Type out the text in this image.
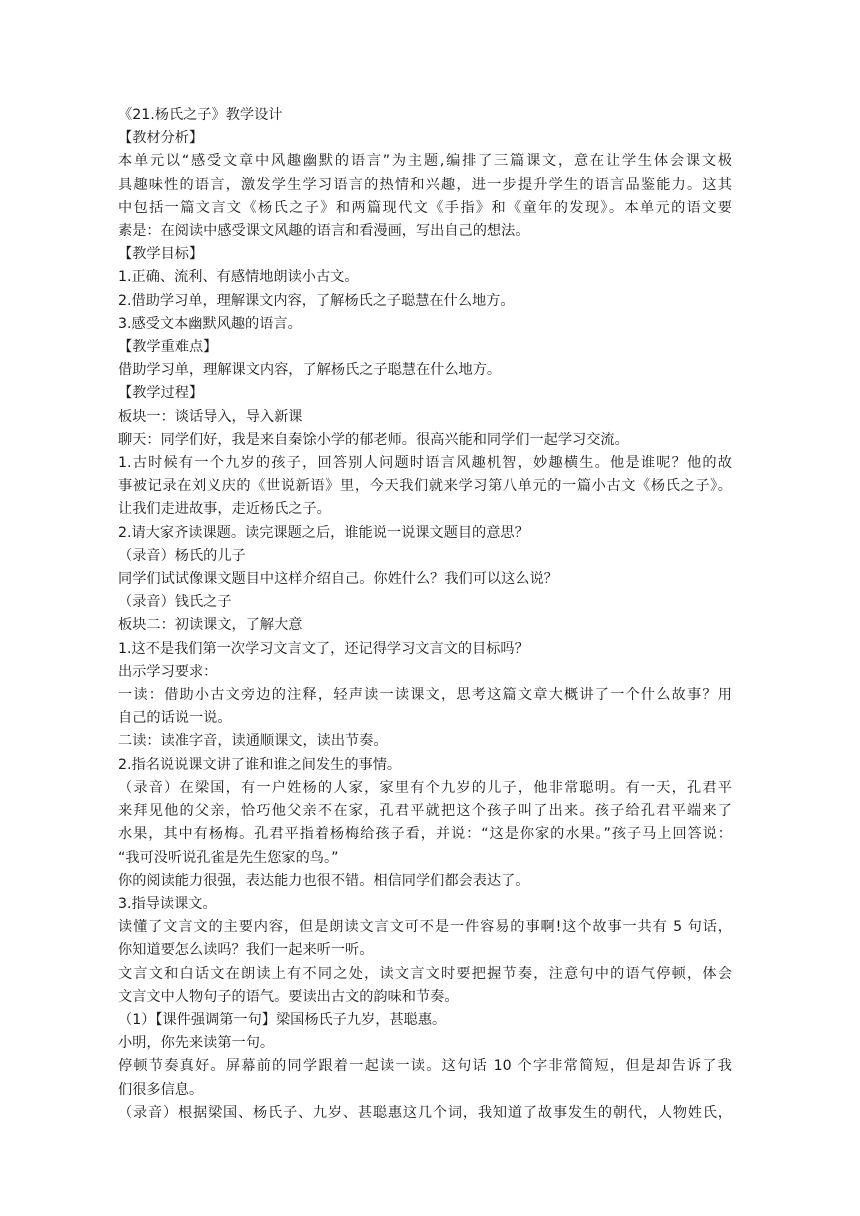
《21.杨氏之子》教学设计

【教材分析】

本单元以“感受文章中风趣幽默的语言”为主题,编排了三篇课文，意在让学生体会课文极

具趣味性的语言，激发学生学习语言的热情和兴趣，进一步提升学生的语言品鉴能力。这其

中包括一篇文言文《杨氏之子》和两篇现代文《手指》和《童年的发现》。本单元的语文要

素是：在阅读中感受课文风趣的语言和看漫画，写出自己的想法。

【教学目标】

1.正确、流利、有感情地朗读小古文。

2.借助学习单，理解课文内容，了解杨氏之子聪慧在什么地方。

3.感受文本幽默风趣的语言。

【教学重难点】

借助学习单，理解课文内容，了解杨氏之子聪慧在什么地方。

【教学过程】

板块一：谈话导入，导入新课

聊天：同学们好，我是来自秦馀小学的郁老师。很高兴能和同学们一起学习交流。

1.古时候有一个九岁的孩子，回答别人问题时语言风趣机智，妙趣横生。他是谁呢？他的故

事被记录在刘义庆的《世说新语》里，今天我们就来学习第八单元的一篇小古文《杨氏之子》。

让我们走进故事，走近杨氏之子。

2.请大家齐读课题。读完课题之后，谁能说一说课文题目的意思？

（录音）杨氏的儿子

同学们试试像课文题目中这样介绍自己。你姓什么？我们可以这么说？

（录音）钱氏之子

板块二：初读课文，了解大意

1.这不是我们第一次学习文言文了，还记得学习文言文的目标吗？

出示学习要求：

一读：借助小古文旁边的注释，轻声读一读课文，思考这篇文章大概讲了一个什么故事？用

自己的话说一说。

二读：读准字音，读通顺课文，读出节奏。

2.指名说说课文讲了谁和谁之间发生的事情。

（录音）在梁国，有一户姓杨的人家，家里有个九岁的儿子，他非常聪明。有一天，孔君平

来拜见他的父亲，恰巧他父亲不在家，孔君平就把这个孩子叫了出来。孩子给孔君平端来了

水果，其中有杨梅。孔君平指着杨梅给孩子看，并说：“这是你家的水果。”孩子马上回答说：

“我可没听说孔雀是先生您家的鸟。”

你的阅读能力很强，表达能力也很不错。相信同学们都会表达了。

3.指导读课文。

读懂了文言文的主要内容，但是朗读文言文可不是一件容易的事啊!这个故事一共有 5 句话，

你知道要怎么读吗？我们一起来听一听。

文言文和白话文在朗读上有不同之处，读文言文时要把握节奏，注意句中的语气停顿，体会

文言文中人物句子的语气。要读出古文的韵味和节奏。

（1）【课件强调第一句】梁国杨氏子九岁，甚聪惠。

小明，你先来读第一句。

停顿节奏真好。屏幕前的同学跟着一起读一读。这句话 10 个字非常简短，但是却告诉了我

们很多信息。

（录音）根据梁国、杨氏子、九岁、甚聪惠这几个词，我知道了故事发生的朝代，人物姓氏，
